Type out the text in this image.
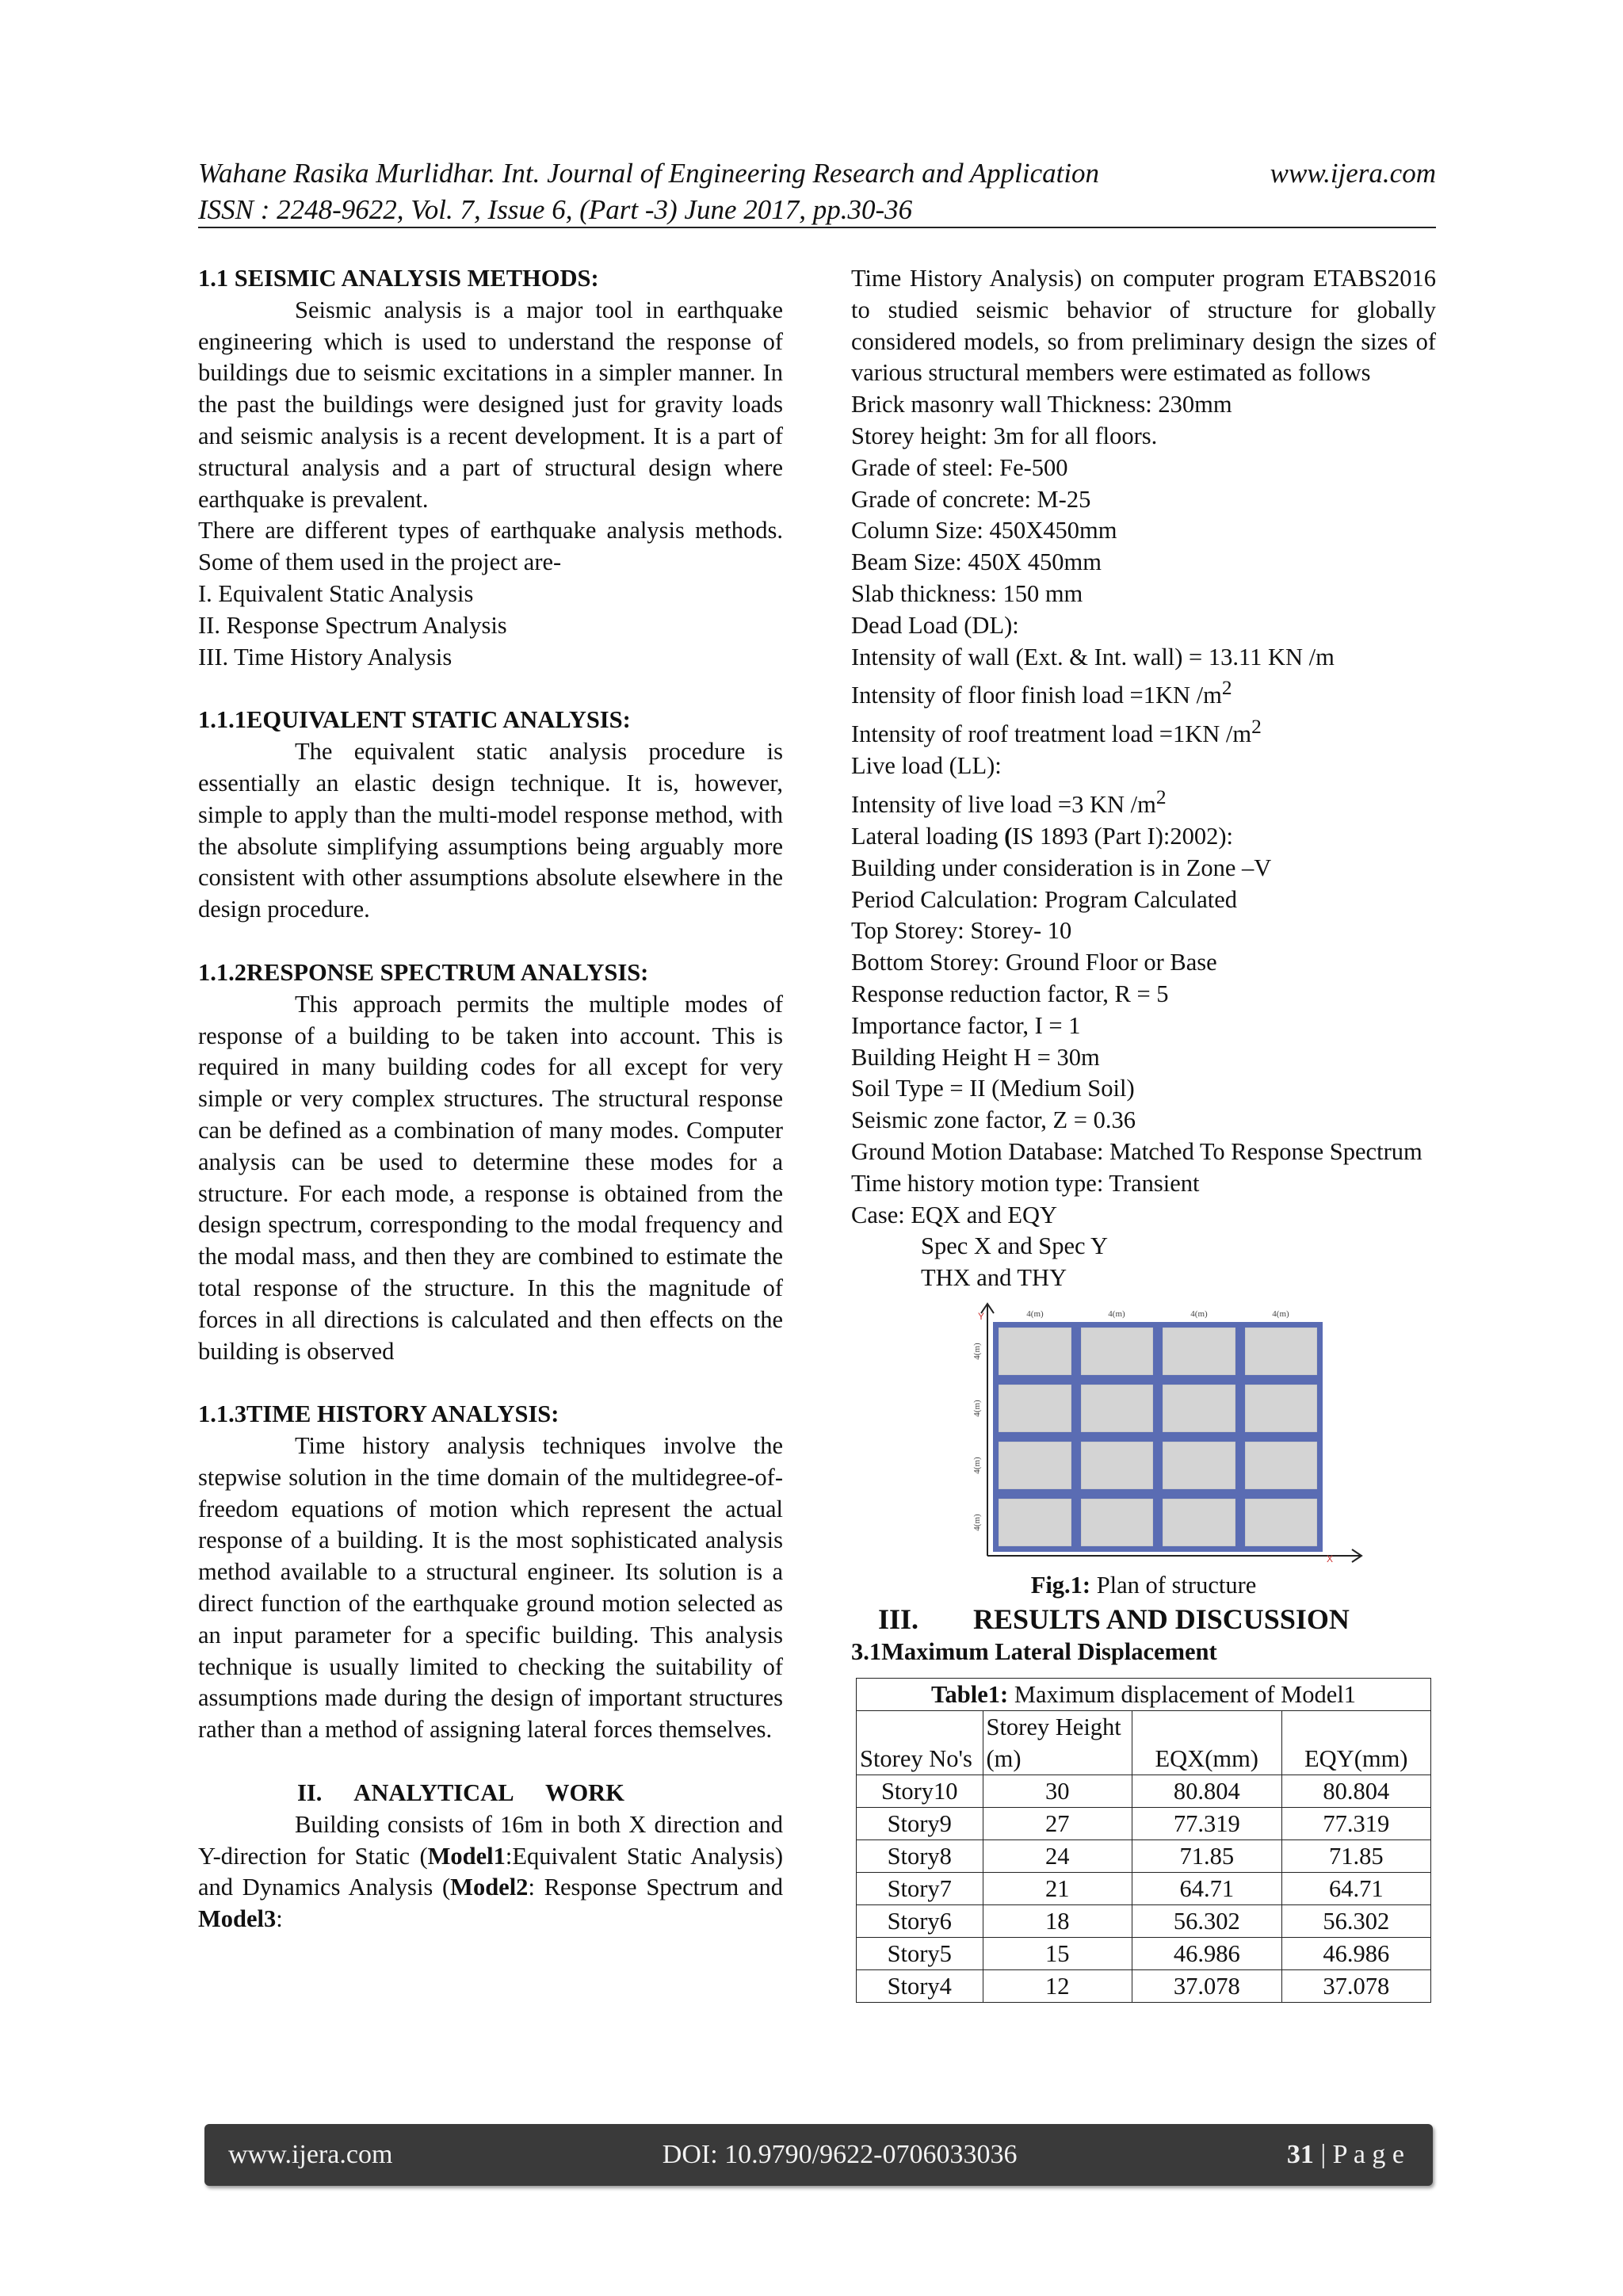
Wahane Rasika Murlidhar. Int. Journal of Engineering Research and Application	www.ijera.com
ISSN : 2248-9622, Vol. 7, Issue 6, (Part -3) June 2017, pp.30-36

1.1 SEISMIC ANALYSIS METHODS:

Seismic analysis is a major tool in earthquake engineering which is used to understand the response of buildings due to seismic excitations in a simpler manner. In the past the buildings were designed just for gravity loads and seismic analysis is a recent development. It is a part of structural analysis and a part of structural design where earthquake is prevalent.

There are different types of earthquake analysis methods. Some of them used in the project are-

I. Equivalent Static Analysis

II. Response Spectrum Analysis

III. Time History Analysis

1.1.1EQUIVALENT STATIC ANALYSIS:

The equivalent static analysis procedure is essentially an elastic design technique. It is, however, simple to apply than the multi-model response method, with the absolute simplifying assumptions being arguably more consistent with other assumptions absolute elsewhere in the design procedure.

1.1.2RESPONSE SPECTRUM ANALYSIS:

This approach permits the multiple modes of response of a building to be taken into account. This is required in many building codes for all except for very simple or very complex structures. The structural response can be defined as a combination of many modes. Computer analysis can be used to determine these modes for a structure. For each mode, a response is obtained from the design spectrum, corresponding to the modal frequency and the modal mass, and then they are combined to estimate the total response of the structure. In this the magnitude of forces in all directions is calculated and then effects on the building is observed

1.1.3TIME HISTORY ANALYSIS:

Time history analysis techniques involve the stepwise solution in the time domain of the multidegree-of-freedom equations of motion which represent the actual response of a building. It is the most sophisticated analysis method available to a structural engineer. Its solution is a direct function of the earthquake ground motion selected as an input parameter for a specific building. This analysis technique is usually limited to checking the suitability of assumptions made during the design of important structures rather than a method of assigning lateral forces themselves.

II. ANALYTICAL WORK

Building consists of 16m in both X direction and Y-direction for Static (Model1:Equivalent Static Analysis) and Dynamics Analysis (Model2: Response Spectrum and Model3:

Time History Analysis) on computer program ETABS2016 to studied seismic behavior of structure for globally considered models, so from preliminary design the sizes of various structural members were estimated as follows

Brick masonry wall Thickness: 230mm

Storey height: 3m for all floors.

Grade of steel: Fe-500

Grade of concrete: M-25

Column Size: 450X450mm

Beam Size: 450X 450mm

Slab thickness: 150 mm

Dead Load (DL):

Intensity of wall (Ext. & Int. wall) = 13.11 KN /m

Intensity of floor finish load =1KN $/m^2$

Intensity of roof treatment load =1KN $/m^2$

Live load (LL):

Intensity of live load =3 KN $/m^2$

Lateral loading (IS 1893 (Part I):2002):

Building under consideration is in Zone –V

Period Calculation: Program Calculated

Top Storey: Storey- 10

Bottom Storey: Ground Floor or Base

Response reduction factor, R = 5

Importance factor, I = 1

Building Height H = 30m

Soil Type = II (Medium Soil)

Seismic zone factor, Z = 0.36

Ground Motion Database: Matched To Response Spectrum

Time history motion type: Transient

Case: EQX and EQY

Spec X and Spec Y

THX and THY

Y
X
4(m)	4(m)	4(m)	4(m)
4(m)
4(m)
4(m)
4(m)

Fig.1: Plan of structure

III. RESULTS AND DISCUSSION

3.1Maximum Lateral Displacement

Table1: Maximum displacement of Model1			
Storey No's	Storey Height (m)	EQX(mm)	EQY(mm)
Story10	30	80.804	80.804
Story9	27	77.319	77.319
Story8	24	71.85	71.85
Story7	21	64.71	64.71
Story6	18	56.302	56.302
Story5	15	46.986	46.986
Story4	12	37.078	37.078
www.ijera.com	DOI: 10.9790/9622-0706033036	31 | P a g e
